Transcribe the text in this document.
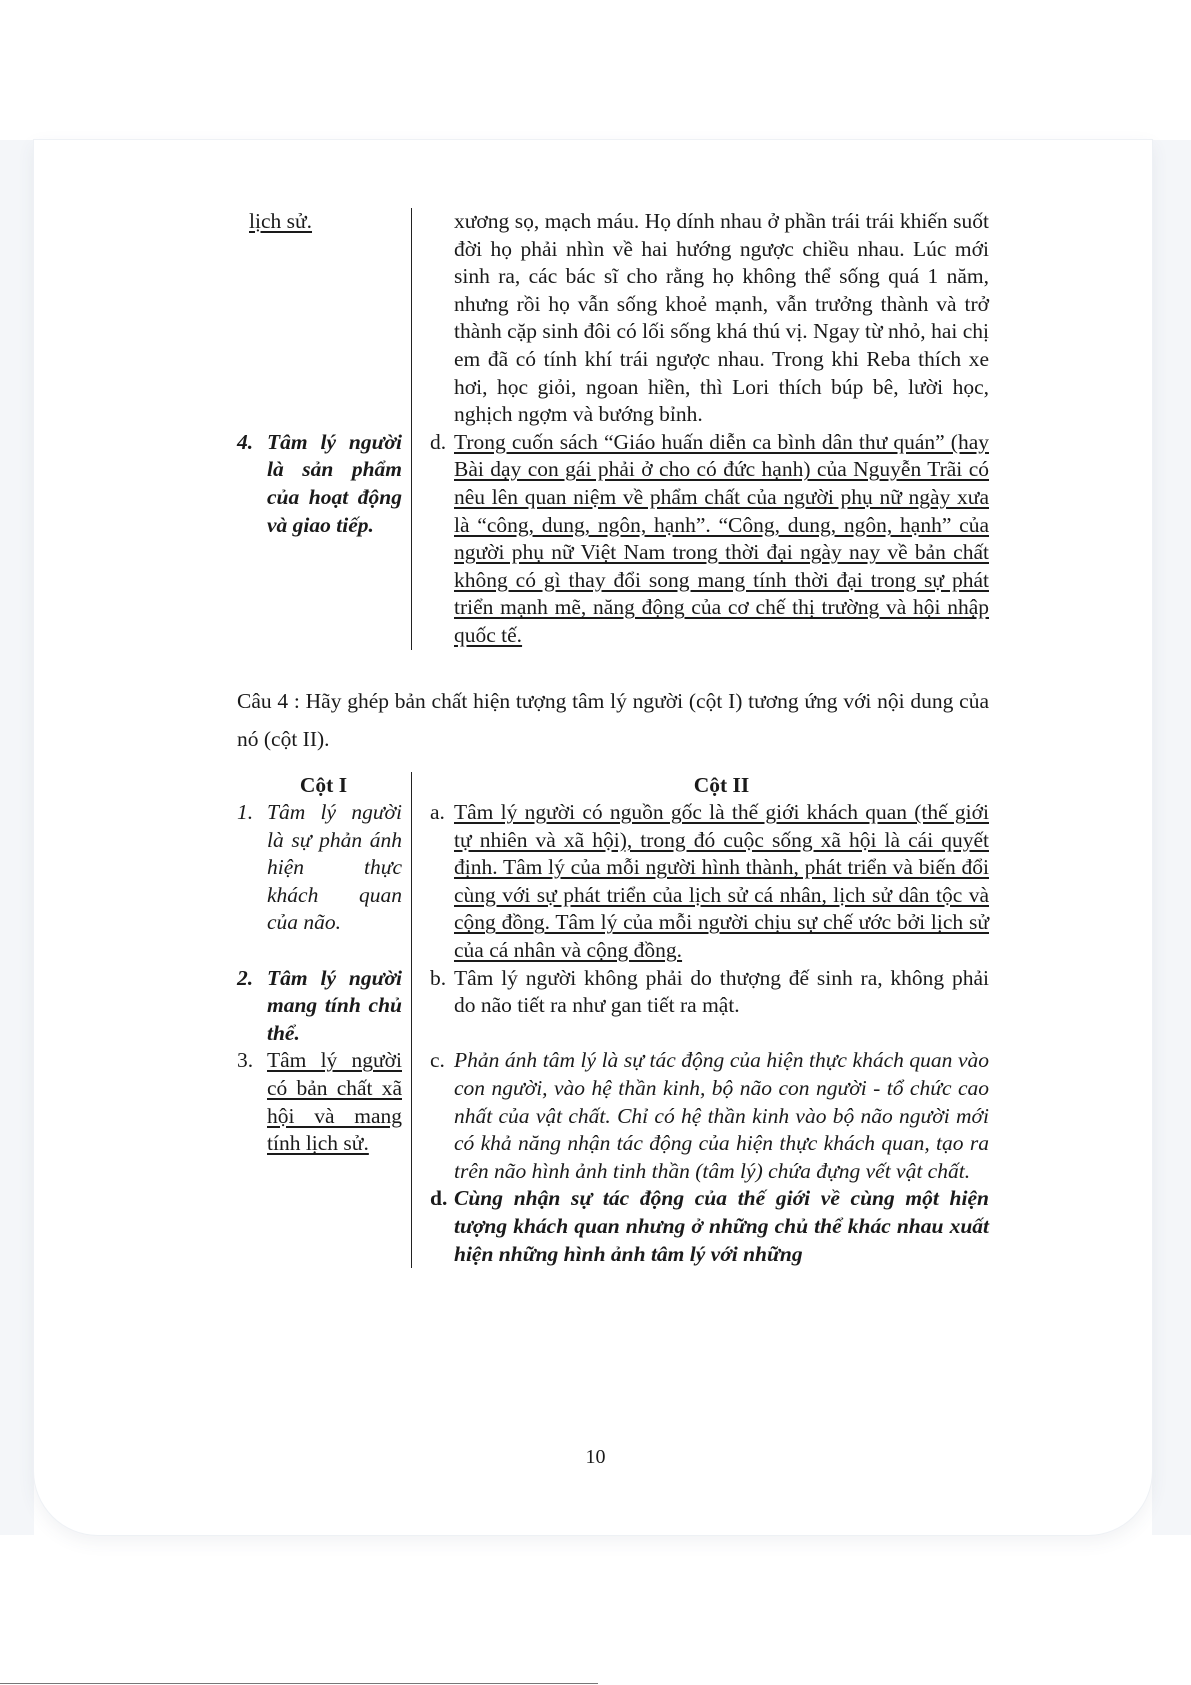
lịch sử.	xương sọ, mạch máu. Họ dính nhau ở phần trái trái khiến suốt đời họ phải nhìn về hai hướng ngược chiều nhau. Lúc mới sinh ra, các bác sĩ cho rằng họ không thể sống quá 1 năm, nhưng rồi họ vẫn sống khoẻ mạnh, vẫn trưởng thành và trở thành cặp sinh đôi có lối sống khá thú vị. Ngay từ nhỏ, hai chị em đã có tính khí trái ngược nhau. Trong khi Reba thích xe hơi, học giỏi, ngoan hiền, thì Lori thích búp bê, lười học, nghịch ngợm và bướng bỉnh.
4. Tâm lý người là sản phẩm của hoạt động và giao tiếp.
d. Trong cuốn sách “Giáo huấn diễn ca bình dân thư quán” (hay Bài dạy con gái phải ở cho có đức hạnh) của Nguyễn Trãi có nêu lên quan niệm về phẩm chất của người phụ nữ ngày xưa là “công, dung, ngôn, hạnh”. “Công, dung, ngôn, hạnh” của người phụ nữ Việt Nam trong thời đại ngày nay về bản chất không có gì thay đổi song mang tính thời đại trong sự phát triển mạnh mẽ, năng động của cơ chế thị trường và hội nhập quốc tế.
Câu 4 : Hãy ghép bản chất hiện tượng tâm lý người (cột I) tương ứng với nội dung của nó (cột II).
Cột I	Cột II
1. Tâm lý người là sự phản ánh hiện thực khách quan của não.
a. Tâm lý người có nguồn gốc là thế giới khách quan (thế giới tự nhiên và xã hội), trong đó cuộc sống xã hội là cái quyết định. Tâm lý của mỗi người hình thành, phát triển và biến đổi cùng với sự phát triển của lịch sử cá nhân, lịch sử dân tộc và cộng đồng. Tâm lý của mỗi người chịu sự chế ước bởi lịch sử của cá nhân và cộng đồng.
2. Tâm lý người mang tính chủ thể.
b. Tâm lý người không phải do thượng đế sinh ra, không phải do não tiết ra như gan tiết ra mật.
3. Tâm lý người có bản chất xã hội và mang tính lịch sử.
c. Phản ánh tâm lý là sự tác động của hiện thực khách quan vào con người, vào hệ thần kinh, bộ não con người - tổ chức cao nhất của vật chất. Chỉ có hệ thần kinh vào bộ não người mới có khả năng nhận tác động của hiện thực khách quan, tạo ra trên não hình ảnh tinh thần (tâm lý) chứa đựng vết vật chất.
d. Cùng nhận sự tác động của thế giới về cùng một hiện tượng khách quan nhưng ở những chủ thể khác nhau xuất hiện những hình ảnh tâm lý với những
10
